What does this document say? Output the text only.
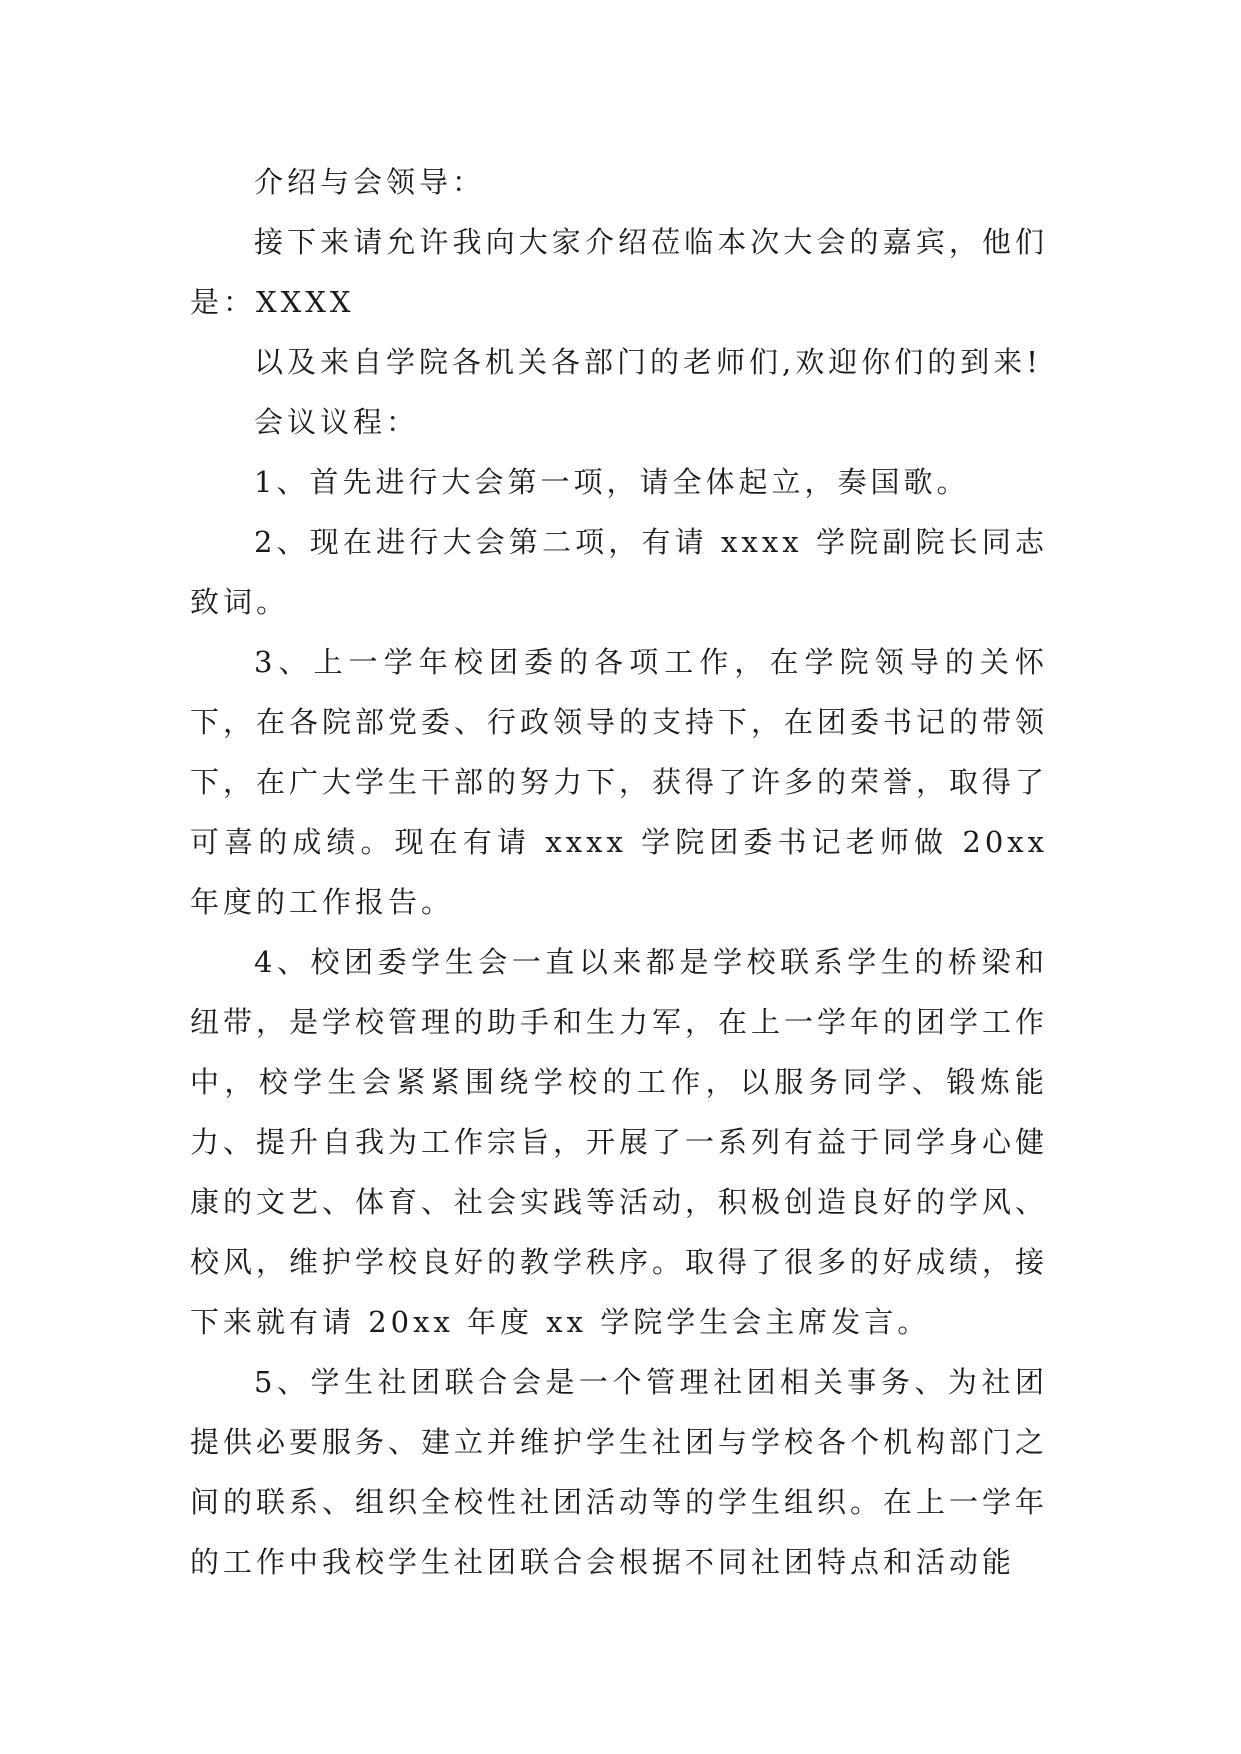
介绍与会领导：

接下来请允许我向大家介绍莅临本次大会的嘉宾，他们是：XXXX

以及来自学院各机关各部门的老师们,欢迎你们的到来!

会议议程：

1、首先进行大会第一项，请全体起立，奏国歌。

2、现在进行大会第二项，有请 xxxx 学院副院长同志致词。

3、上一学年校团委的各项工作，在学院领导的关怀下，在各院部党委、行政领导的支持下，在团委书记的带领下，在广大学生干部的努力下，获得了许多的荣誉，取得了可喜的成绩。现在有请 xxxx 学院团委书记老师做 20xx 年度的工作报告。

4、校团委学生会一直以来都是学校联系学生的桥梁和纽带，是学校管理的助手和生力军，在上一学年的团学工作中，校学生会紧紧围绕学校的工作，以服务同学、锻炼能力、提升自我为工作宗旨，开展了一系列有益于同学身心健康的文艺、体育、社会实践等活动，积极创造良好的学风、校风，维护学校良好的教学秩序。取得了很多的好成绩，接下来就有请 20xx 年度 xx 学院学生会主席发言。

5、学生社团联合会是一个管理社团相关事务、为社团提供必要服务、建立并维护学生社团与学校各个机构部门之间的联系、组织全校性社团活动等的学生组织。在上一学年的工作中我校学生社团联合会根据不同社团特点和活动能
